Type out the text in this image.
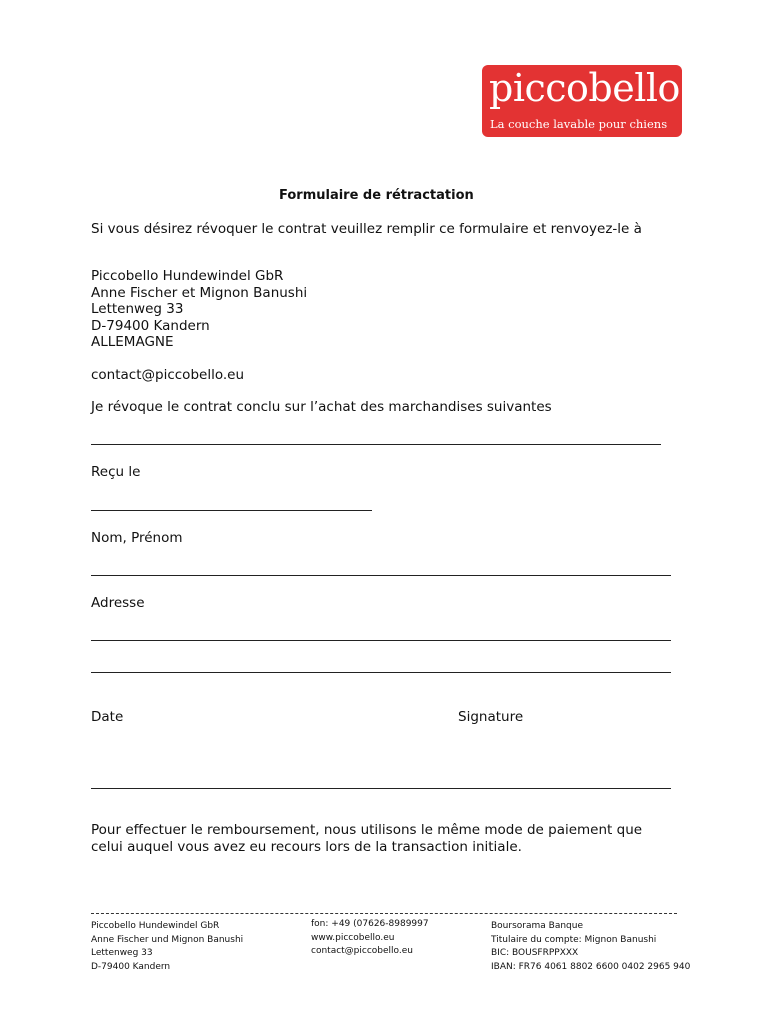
piccobello
La couche lavable pour chiens
Formulaire de rétractation
Si vous désirez révoquer le contrat veuillez remplir ce formulaire et renvoyez-le à
Piccobello Hundewindel GbR
Anne Fischer et Mignon Banushi
Lettenweg 33
D-79400 Kandern
ALLEMAGNE
contact@piccobello.eu
Je révoque le contrat conclu sur l’achat des marchandises suivantes
Reçu le
Nom, Prénom
Adresse
Date	Signature
Pour effectuer le remboursement, nous utilisons le même mode de paiement que
celui auquel vous avez eu recours lors de la transaction initiale.
Piccobello Hundewindel GbR
Anne Fischer und Mignon Banushi
Lettenweg 33
D-79400 Kandern
fon: +49 (07626-8989997
www.piccobello.eu
contact@piccobello.eu
Boursorama Banque
Titulaire du compte: Mignon Banushi
BIC: BOUSFRPPXXX
IBAN: FR76 4061 8802 6600 0402 2965 940
